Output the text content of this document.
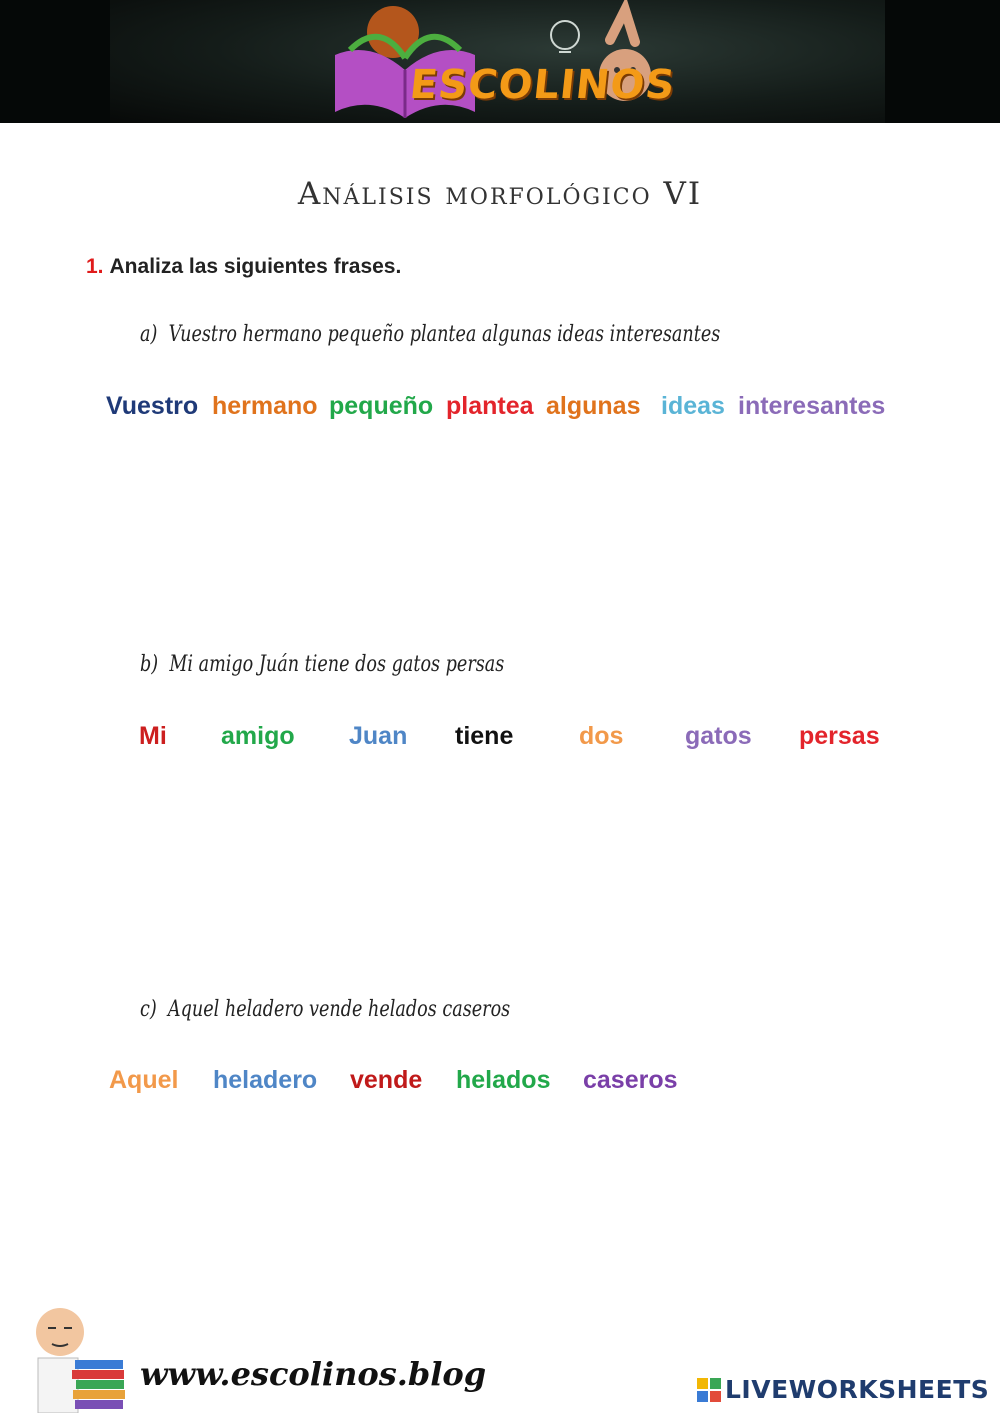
ESCOLINOS
Análisis morfológico VI
1. Analiza las siguientes frases.
a) Vuestro hermano pequeño plantea algunas ideas interesantes
Vuestro hermano pequeño plantea algunas ideas interesantes
b) Mi amigo Juán tiene dos gatos persas
Mi amigo Juan tiene	dos gatos persas
c) Aquel heladero vende helados caseros
Aquel heladero vende helados caseros
www.escolinos.blog	LIVEWORKSHEETS
